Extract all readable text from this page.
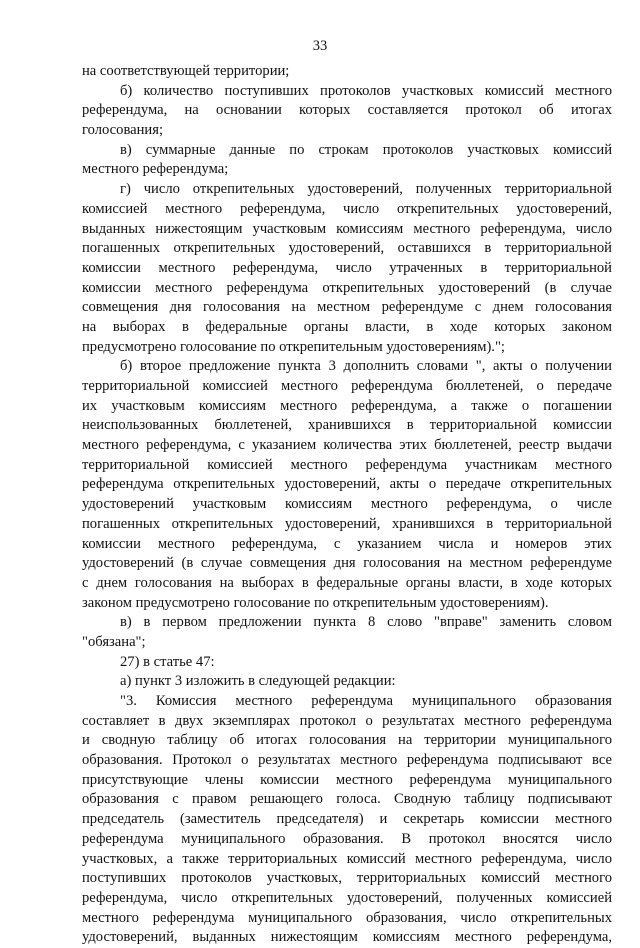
33
на соответствующей территории;
б) количество поступивших протоколов участковых комиссий местного
референдума, на основании которых составляется протокол об итогах
голосования;
в) суммарные данные по строкам протоколов участковых комиссий
местного референдума;
г) число открепительных удостоверений, полученных территориальной
комиссией местного референдума, число открепительных удостоверений,
выданных нижестоящим участковым комиссиям местного референдума, число
погашенных открепительных удостоверений, оставшихся в территориальной
комиссии местного референдума, число утраченных в территориальной
комиссии местного референдума открепительных удостоверений (в случае
совмещения дня голосования на местном референдуме с днем голосования
на выборах в федеральные органы власти, в ходе которых законом
предусмотрено голосование по открепительным удостоверениям).";
б) второе предложение пункта 3 дополнить словами ", акты о получении
территориальной комиссией местного референдума бюллетеней, о передаче
их участковым комиссиям местного референдума, а также о погашении
неиспользованных бюллетеней, хранившихся в территориальной комиссии
местного референдума, с указанием количества этих бюллетеней, реестр выдачи
территориальной комиссией местного референдума участникам местного
референдума открепительных удостоверений, акты о передаче открепительных
удостоверений участковым комиссиям местного референдума, о числе
погашенных открепительных удостоверений, хранившихся в территориальной
комиссии местного референдума, с указанием числа и номеров этих
удостоверений (в случае совмещения дня голосования на местном референдуме
с днем голосования на выборах в федеральные органы власти, в ходе которых
законом предусмотрено голосование по открепительным удостоверениям).
в) в первом предложении пункта 8 слово "вправе" заменить словом
"обязана";
27) в статье 47:
а) пункт 3 изложить в следующей редакции:
"3. Комиссия местного референдума муниципального образования
составляет в двух экземплярах протокол о результатах местного референдума
и сводную таблицу об итогах голосования на территории муниципального
образования. Протокол о результатах местного референдума подписывают все
присутствующие члены комиссии местного референдума муниципального
образования с правом решающего голоса. Сводную таблицу подписывают
председатель (заместитель председателя) и секретарь комиссии местного
референдума муниципального образования. В протокол вносятся число
участковых, а также территориальных комиссий местного референдума, число
поступивших протоколов участковых, территориальных комиссий местного
референдума, число открепительных удостоверений, полученных комиссией
местного референдума муниципального образования, число открепительных
удостоверений, выданных нижестоящим комиссиям местного референдума,
